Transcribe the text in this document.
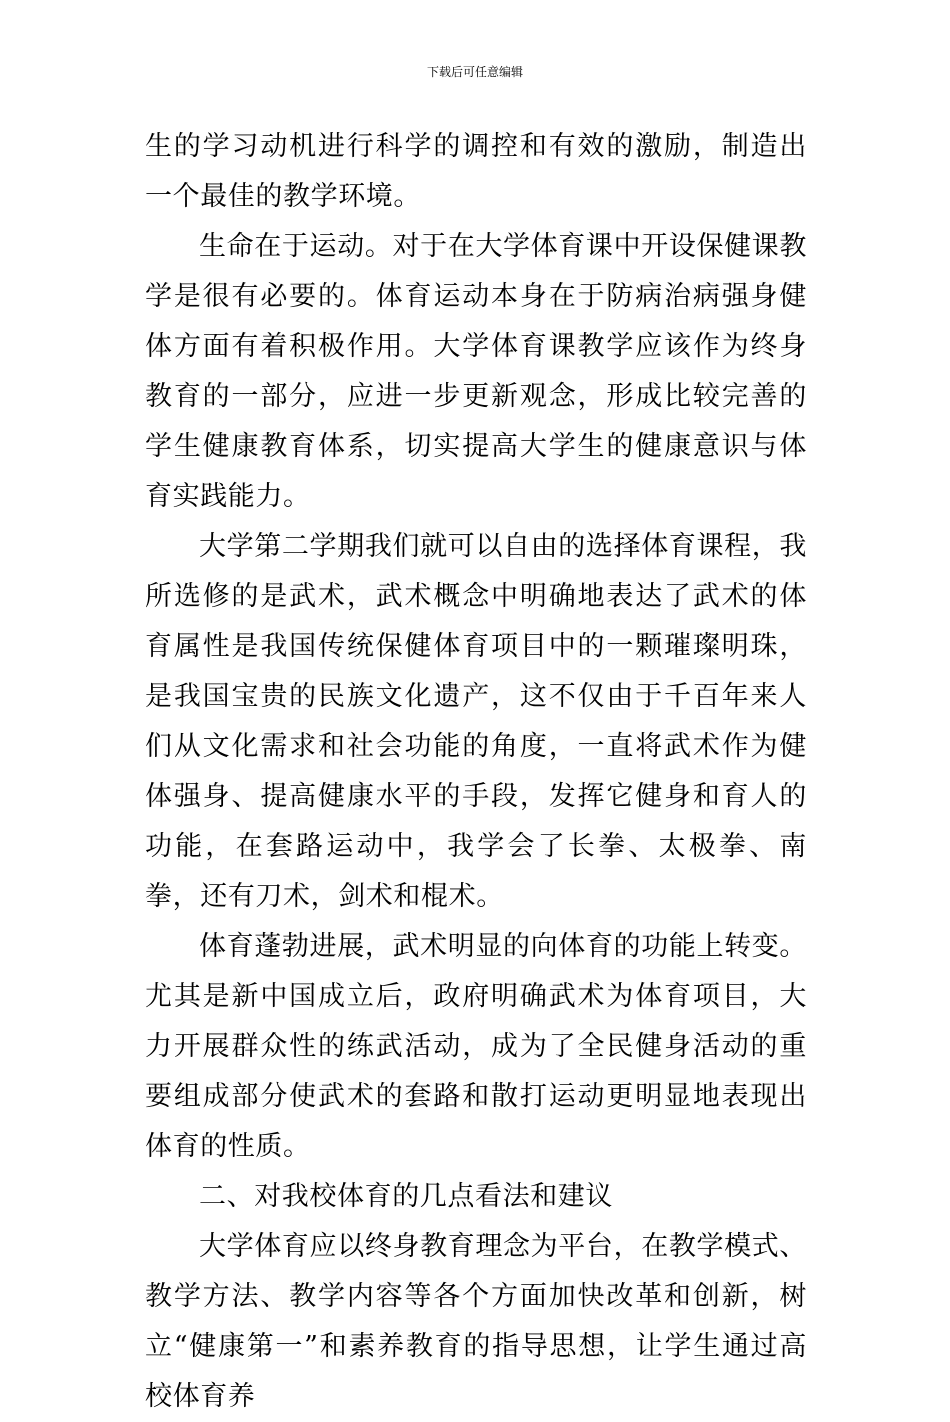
下载后可任意编辑

生的学习动机进行科学的调控和有效的激励，制造出一个最佳的教学环境。

生命在于运动。对于在大学体育课中开设保健课教学是很有必要的。体育运动本身在于防病治病强身健体方面有着积极作用。大学体育课教学应该作为终身教育的一部分，应进一步更新观念，形成比较完善的学生健康教育体系，切实提高大学生的健康意识与体育实践能力。

大学第二学期我们就可以自由的选择体育课程，我所选修的是武术，武术概念中明确地表达了武术的体育属性是我国传统保健体育项目中的一颗璀璨明珠，是我国宝贵的民族文化遗产，这不仅由于千百年来人们从文化需求和社会功能的角度，一直将武术作为健体强身、提高健康水平的手段，发挥它健身和育人的功能，在套路运动中，我学会了长拳、太极拳、南拳，还有刀术，剑术和棍术。

体育蓬勃进展，武术明显的向体育的功能上转变。尤其是新中国成立后，政府明确武术为体育项目，大力开展群众性的练武活动，成为了全民健身活动的重要组成部分使武术的套路和散打运动更明显地表现出体育的性质。

二、对我校体育的几点看法和建议

大学体育应以终身教育理念为平台，在教学模式、教学方法、教学内容等各个方面加快改革和创新，树立“健康第一”和素养教育的指导思想，让学生通过高校体育养
